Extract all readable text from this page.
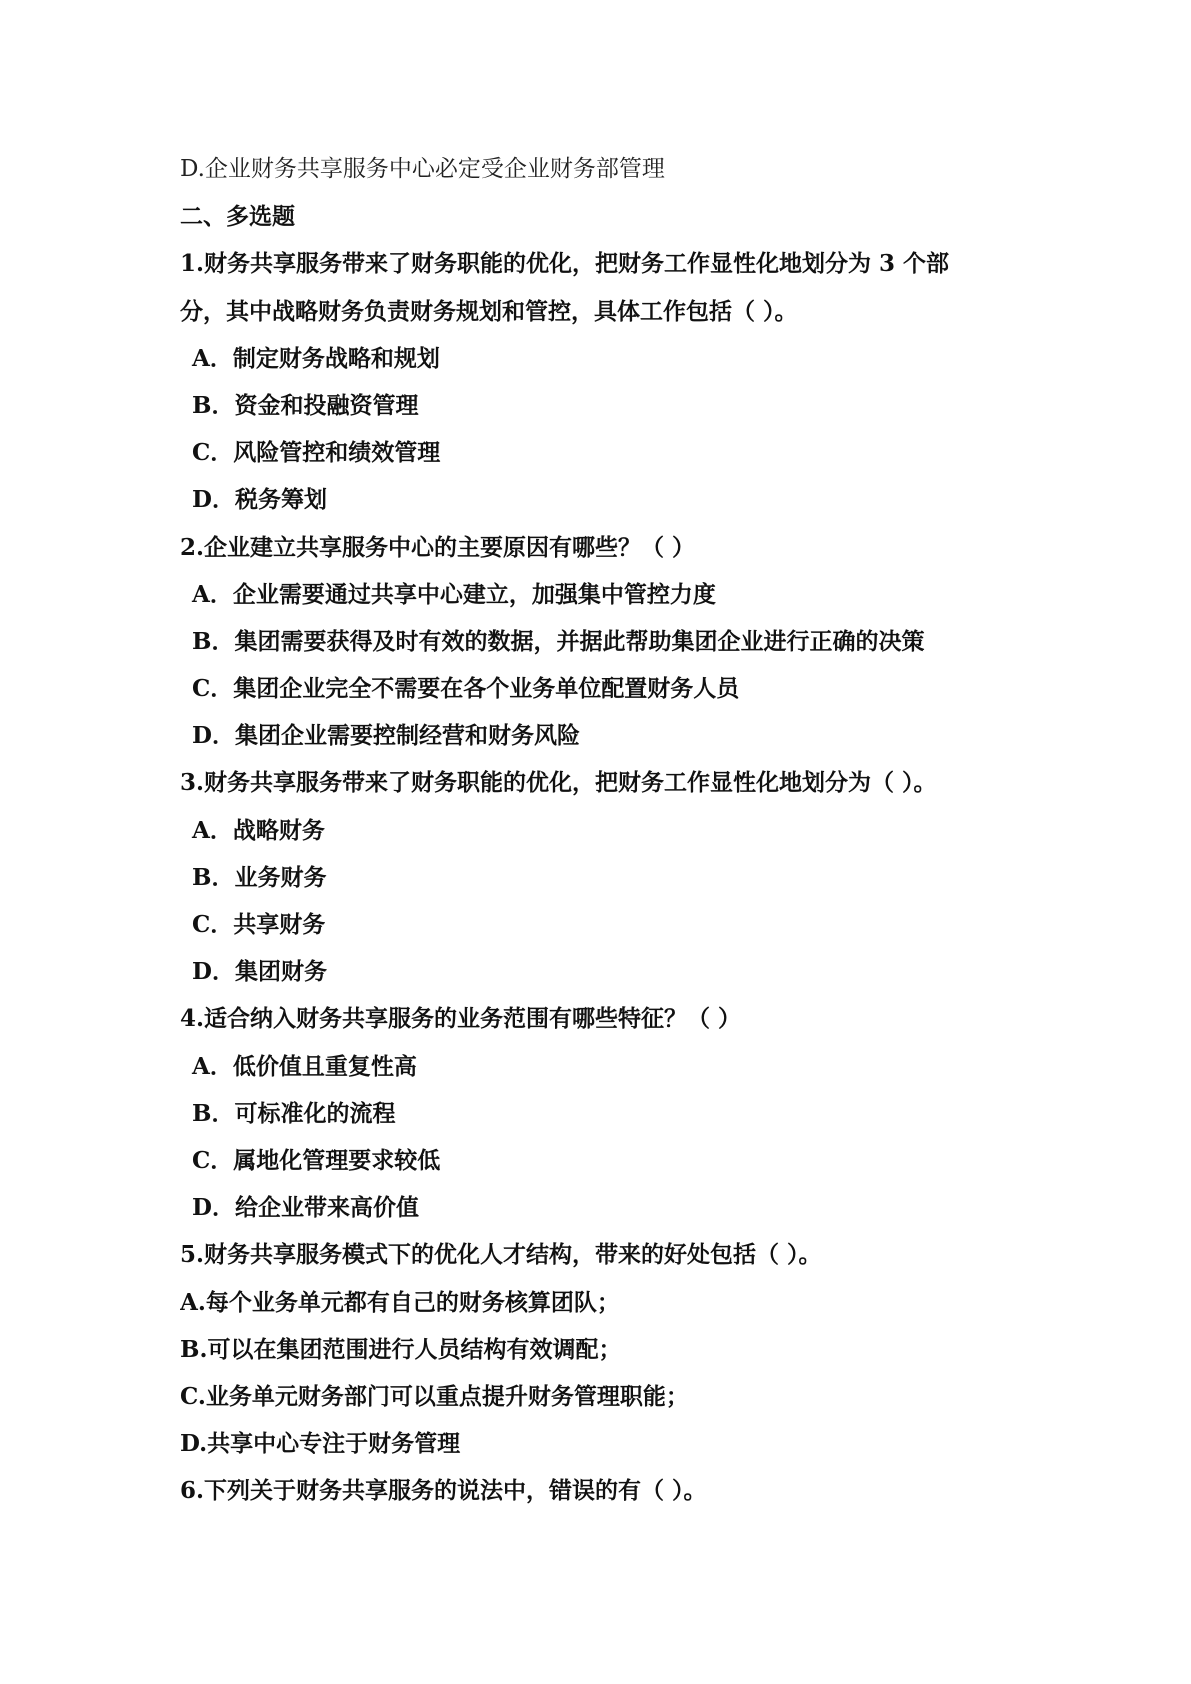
D.企业财务共享服务中心必定受企业财务部管理
二、多选题
1.财务共享服务带来了财务职能的优化，把财务工作显性化地划分为 3 个部
分，其中战略财务负责财务规划和管控，具体工作包括（ ）。
A．制定财务战略和规划
B．资金和投融资管理
C．风险管控和绩效管理
D．税务筹划
2.企业建立共享服务中心的主要原因有哪些？（ ）
A．企业需要通过共享中心建立，加强集中管控力度
B．集团需要获得及时有效的数据，并据此帮助集团企业进行正确的决策
C．集团企业完全不需要在各个业务单位配置财务人员
D．集团企业需要控制经营和财务风险
3.财务共享服务带来了财务职能的优化，把财务工作显性化地划分为（ ）。
A．战略财务
B．业务财务
C．共享财务
D．集团财务
4.适合纳入财务共享服务的业务范围有哪些特征？（ ）
A．低价值且重复性高
B．可标准化的流程
C．属地化管理要求较低
D．给企业带来高价值
5.财务共享服务模式下的优化人才结构，带来的好处包括（ ）。
A.每个业务单元都有自己的财务核算团队；
B.可以在集团范围进行人员结构有效调配；
C.业务单元财务部门可以重点提升财务管理职能；
D.共享中心专注于财务管理
6.下列关于财务共享服务的说法中，错误的有（ ）。
